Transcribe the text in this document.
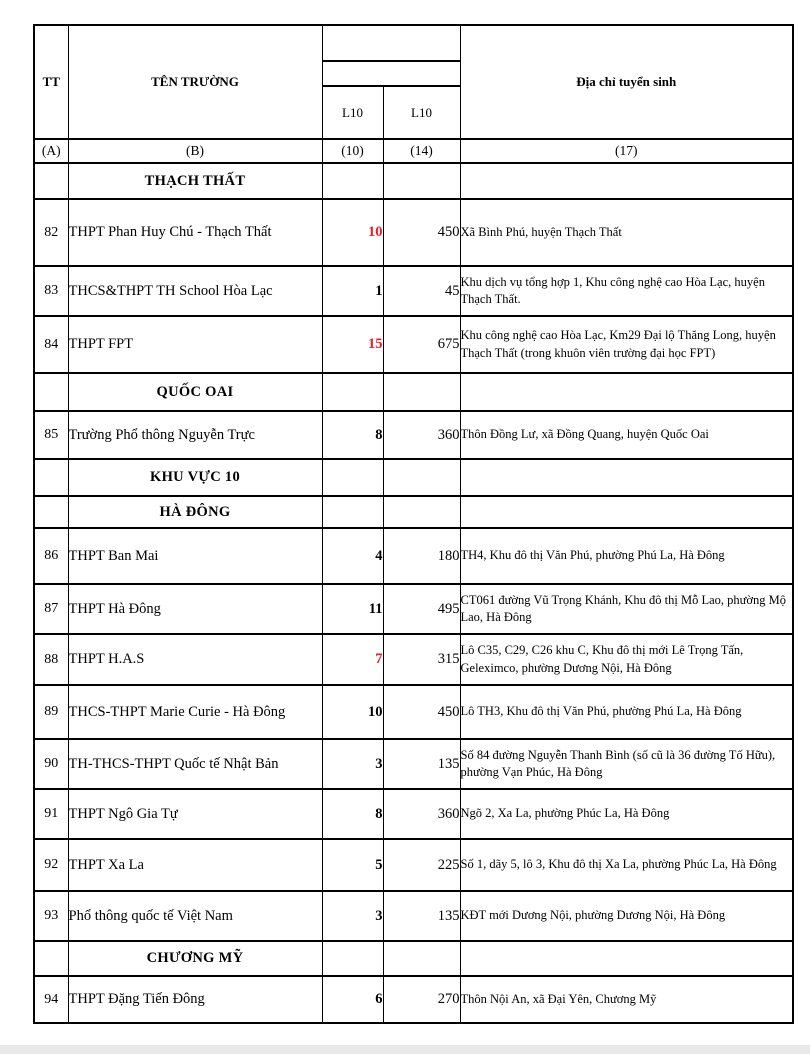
TT	TÊN TRƯỜNG			Địa chỉ tuyển sinh

		L10	L10	
(A)	(B)	(10)	(14)	(17)
	THẠCH THẤT			
82	THPT Phan Huy Chú - Thạch Thất	10	450	Xã Bình Phú, huyện Thạch Thất
83	THCS&THPT TH School Hòa Lạc	1	45	Khu dịch vụ tổng hợp 1, Khu công nghệ cao Hòa Lạc, huyện Thạch Thất.
84	THPT FPT	15	675	Khu công nghệ cao Hòa Lạc, Km29 Đại lộ Thăng Long, huyện Thạch Thất (trong khuôn viên trường đại học FPT)
	QUỐC OAI			
85	Trường Phổ thông Nguyễn Trực	8	360	Thôn Đồng Lư, xã Đồng Quang, huyện Quốc Oai
	KHU VỰC 10			
	HÀ ĐÔNG			
86	THPT Ban Mai	4	180	TH4, Khu đô thị Văn Phú, phường Phú La, Hà Đông
87	THPT Hà Đông	11	495	CT061 đường Vũ Trọng Khánh, Khu đô thị Mỗ Lao, phường Mộ Lao, Hà Đông
88	THPT H.A.S	7	315	Lô C35, C29, C26 khu C, Khu đô thị mới Lê Trọng Tấn, Geleximco, phường Dương Nội, Hà Đông
89	THCS-THPT Marie Curie - Hà Đông	10	450	Lô TH3, Khu đô thị Văn Phú, phường Phú La, Hà Đông
90	TH-THCS-THPT Quốc tế Nhật Bản	3	135	Số 84 đường Nguyễn Thanh Bình (số cũ là 36 đường Tố Hữu), phường Vạn Phúc, Hà Đông
91	THPT Ngô Gia Tự	8	360	Ngõ 2, Xa La, phường Phúc La, Hà Đông
92	THPT Xa La	5	225	Số 1, dãy 5, lô 3, Khu đô thị Xa La, phường Phúc La, Hà Đông
93	Phổ thông quốc tế Việt Nam	3	135	KĐT mới Dương Nội, phường Dương Nội, Hà Đông
	CHƯƠNG MỸ			
94	THPT Đặng Tiến Đông	6	270	Thôn Nội An, xã Đại Yên, Chương Mỹ
